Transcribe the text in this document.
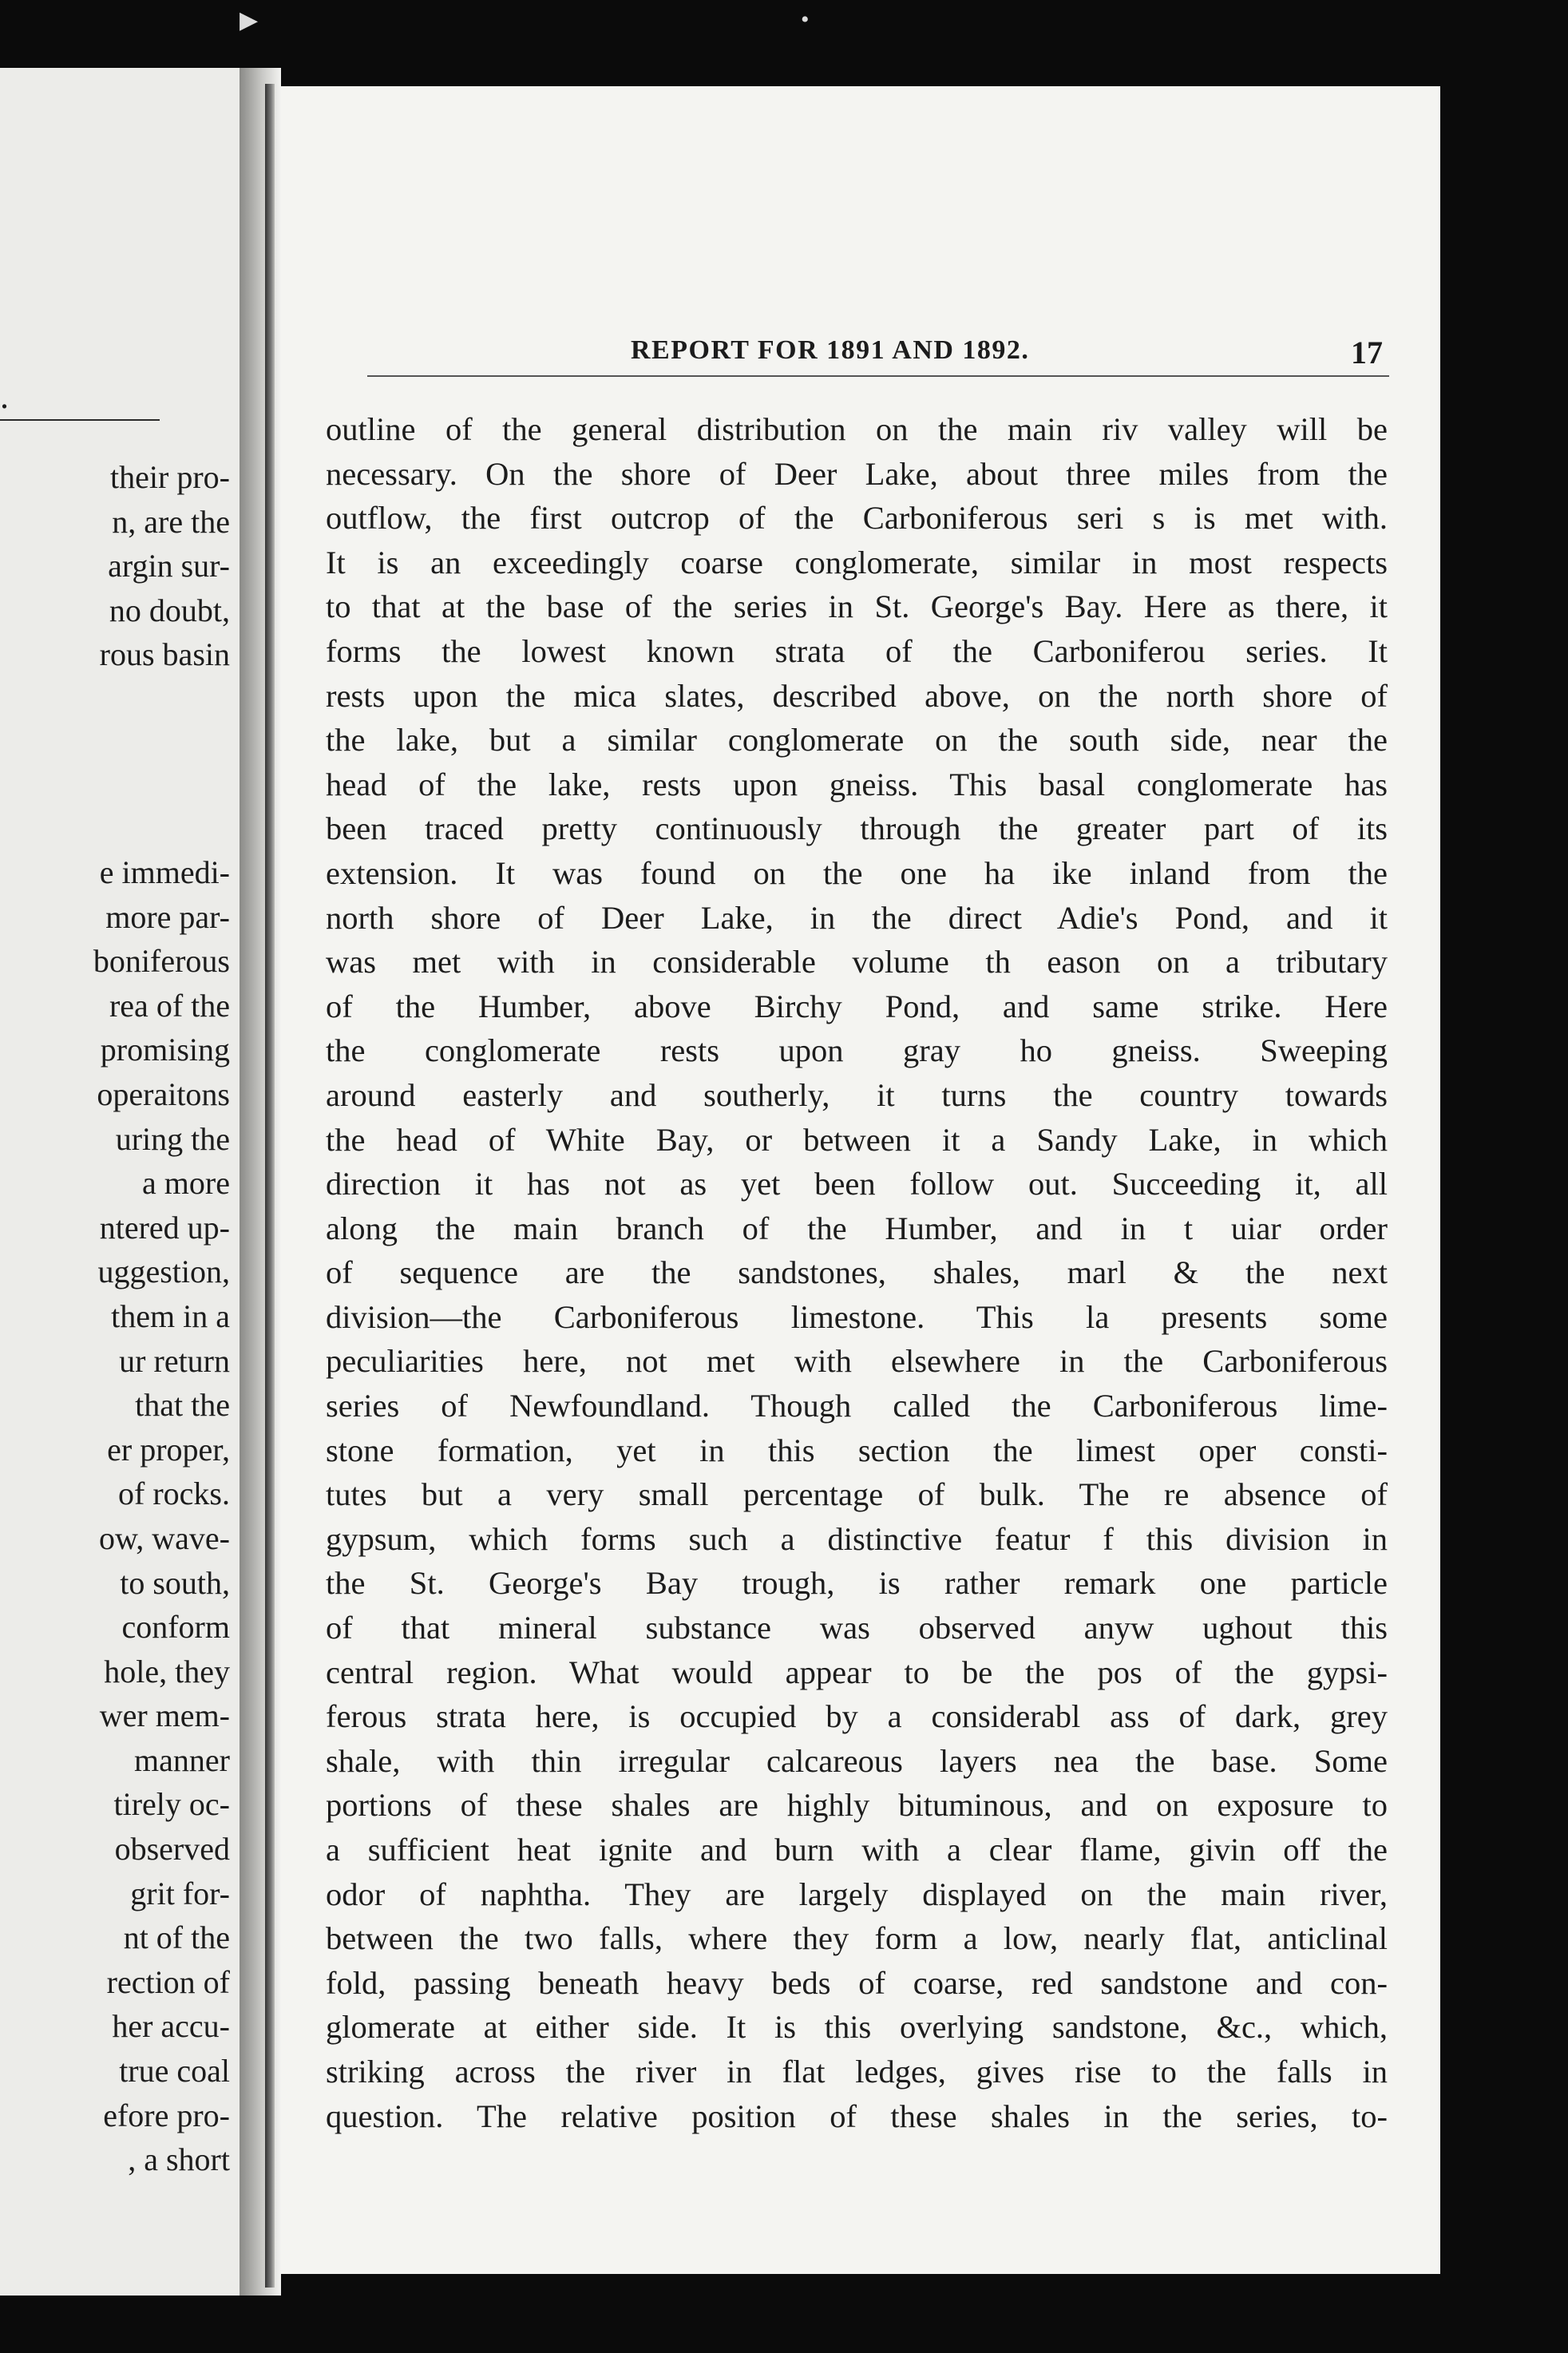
▶	•
.
their pro-
n, are the
argin sur-
no doubt,
rous basin
e immedi-
more par-
boniferous
rea of the
promising
operaitons
uring the
a more
ntered up-
uggestion,
them in a
ur return
that the
er proper,
of rocks.
ow, wave-
to south,
conform
hole, they
wer mem-
manner
tirely oc-
observed
grit for-
nt of the
rection of
her accu-
true coal
efore pro-
, a short
REPORT FOR 1891 AND 1892.	17
outline of the general distribution on the main riv valley will be
necessary. On the shore of Deer Lake, about three miles from the
outflow, the first outcrop of the Carboniferous seri s is met with.
It is an exceedingly coarse conglomerate, similar in most respects
to that at the base of the series in St. George's Bay. Here as there, it
forms the lowest known strata of the Carboniferou series. It
rests upon the mica slates, described above, on the north shore of
the lake, but a similar conglomerate on the south side, near the
head of the lake, rests upon gneiss. This basal conglomerate has
been traced pretty continuously through the greater part of its
extension. It was found on the one ha ike inland from the
north shore of Deer Lake, in the direct Adie's Pond, and it
was met with in considerable volume th eason on a tributary
of the Humber, above Birchy Pond, and same strike. Here
the conglomerate rests upon gray ho gneiss. Sweeping
around easterly and southerly, it turns the country towards
the head of White Bay, or between it a Sandy Lake, in which
direction it has not as yet been follow out. Succeeding it, all
along the main branch of the Humber, and in t uiar order
of sequence are the sandstones, shales, marl & the next
division—the Carboniferous limestone. This la presents some
peculiarities here, not met with elsewhere in the Carboniferous
series of Newfoundland. Though called the Carboniferous lime-
stone formation, yet in this section the limest oper consti-
tutes but a very small percentage of bulk. The re absence of
gypsum, which forms such a distinctive featur f this division in
the St. George's Bay trough, is rather remark one particle
of that mineral substance was observed anyw ughout this
central region. What would appear to be the pos of the gypsi-
ferous strata here, is occupied by a considerabl ass of dark, grey
shale, with thin irregular calcareous layers nea the base. Some
portions of these shales are highly bituminous, and on exposure to
a sufficient heat ignite and burn with a clear flame, givin off the
odor of naphtha. They are largely displayed on the main river,
between the two falls, where they form a low, nearly flat, anticlinal
fold, passing beneath heavy beds of coarse, red sandstone and con-
glomerate at either side. It is this overlying sandstone, &c., which,
striking across the river in flat ledges, gives rise to the falls in
question. The relative position of these shales in the series, to-
